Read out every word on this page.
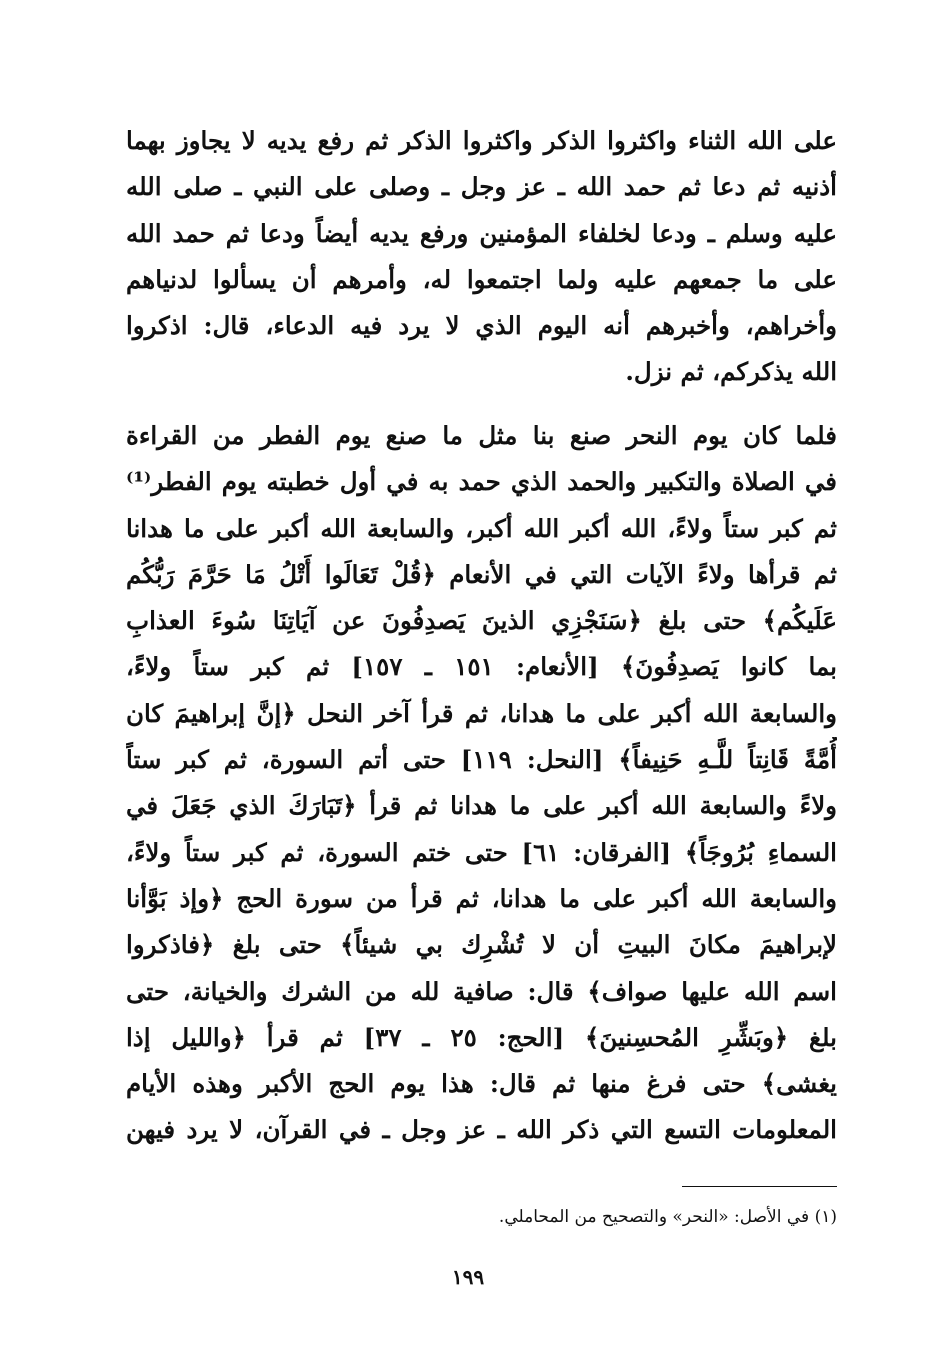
على الله الثناء واكثروا الذكر واكثروا الذكر ثم رفع يديه لا يجاوز بهما
أذنيه ثم دعا ثم حمد الله ـ عز وجل ـ وصلى على النبي ـ صلى الله
عليه وسلم ـ ودعا لخلفاء المؤمنين ورفع يديه أيضاً ودعا ثم حمد الله
على ما جمعهم عليه ولما اجتمعوا له، وأمرهم أن يسألوا لدنياهم
وأخراهم، وأخبرهم أنه اليوم الذي لا يرد فيه الدعاء، قال: اذكروا
الله يذكركم، ثم نزل.
فلما كان يوم النحر صنع بنا مثل ما صنع يوم الفطر من القراءة
في الصلاة والتكبير والحمد الذي حمد به في أول خطبته يوم الفطر⁽¹⁾
ثم كبر ستاً ولاءً، الله أكبر الله أكبر، والسابعة الله أكبر على ما هدانا
ثم قرأها ولاءً الآيات التي في الأنعام ﴿قُلْ تَعَالَوا أَتْلُ مَا حَرَّمَ رَبُّكُم
عَلَيكُم﴾ حتى بلغ ﴿سَنَجْزِي الذينَ يَصدِفُونَ عن آيَاتِنَا سُوءَ العذابِ
بما كانوا يَصدِفُونَ﴾ [الأنعام: ١٥١ ـ ١٥٧] ثم كبر ستاً ولاءً،
والسابعة الله أكبر على ما هدانا، ثم قرأ آخر النحل ﴿إنَّ إبراهيمَ كان
أُمَّةً قَانِتاً للَّـهِ حَنِيفاً﴾ [النحل: ١١٩] حتى أتم السورة، ثم كبر ستاً
ولاءً والسابعة الله أكبر على ما هدانا ثم قرأ ﴿تَبَارَكَ الذي جَعَلَ في
السماءِ بُرُوجَاً﴾ [الفرقان: ٦١] حتى ختم السورة، ثم كبر ستاً ولاءً،
والسابعة الله أكبر على ما هدانا، ثم قرأ من سورة الحج ﴿وإذ بَوَّأنا
لإبراهيمَ مكانَ البيتِ أن لا تُشْرِك بي شيئاً﴾ حتى بلغ ﴿فاذكروا
اسم الله عليها صواف﴾ قال: صافية لله من الشرك والخيانة، حتى
بلغ ﴿وبَشِّرِ المُحسِنينَ﴾ [الحج: ٢٥ ـ ٣٧] ثم قرأ ﴿والليل إذا
يغشى﴾ حتى فرغ منها ثم قال: هذا يوم الحج الأكبر وهذه الأيام
المعلومات التسع التي ذكر الله ـ عز وجل ـ في القرآن، لا يرد فيهن
(١) في الأصل: «النحر» والتصحيح من المحاملي.
١٩٩
